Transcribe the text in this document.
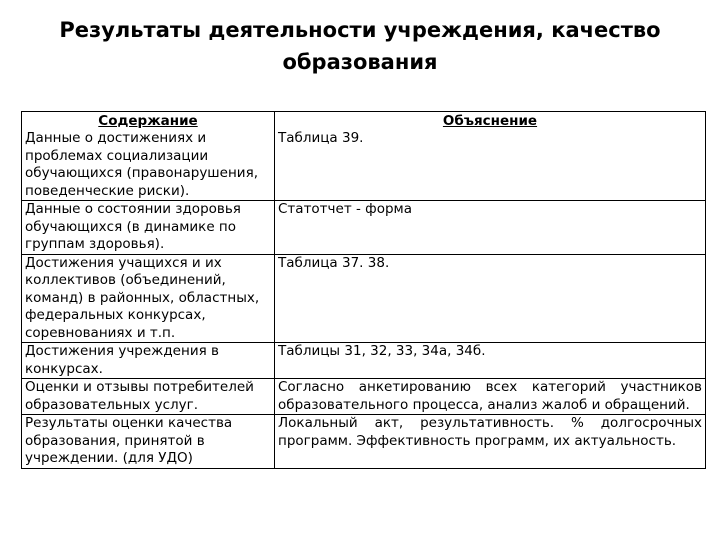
Результаты деятельности учреждения, качество
образования
Содержание	Объяснение
Данные о достижениях и проблемах социализации обучающихся (правонарушения, поведенческие риски).	Таблица 39.
Данные о состоянии здоровья обучающихся (в динамике по группам здоровья).	Статотчет - форма
Достижения учащихся и их коллективов (объединений, команд) в районных, областных, федеральных конкурсах, соревнованиях и т.п.	Таблица 37. 38.
Достижения учреждения в конкурсах.	Таблицы 31, 32, 33, 34а, 34б.
Оценки и отзывы потребителей образовательных услуг.	Согласно анкетированию всех категорий участников образовательного процесса, анализ жалоб и обращений.
Результаты оценки качества образования, принятой в учреждении. (для УДО)	Локальный акт, результативность. % долгосрочных программ. Эффективность программ, их актуальность.
